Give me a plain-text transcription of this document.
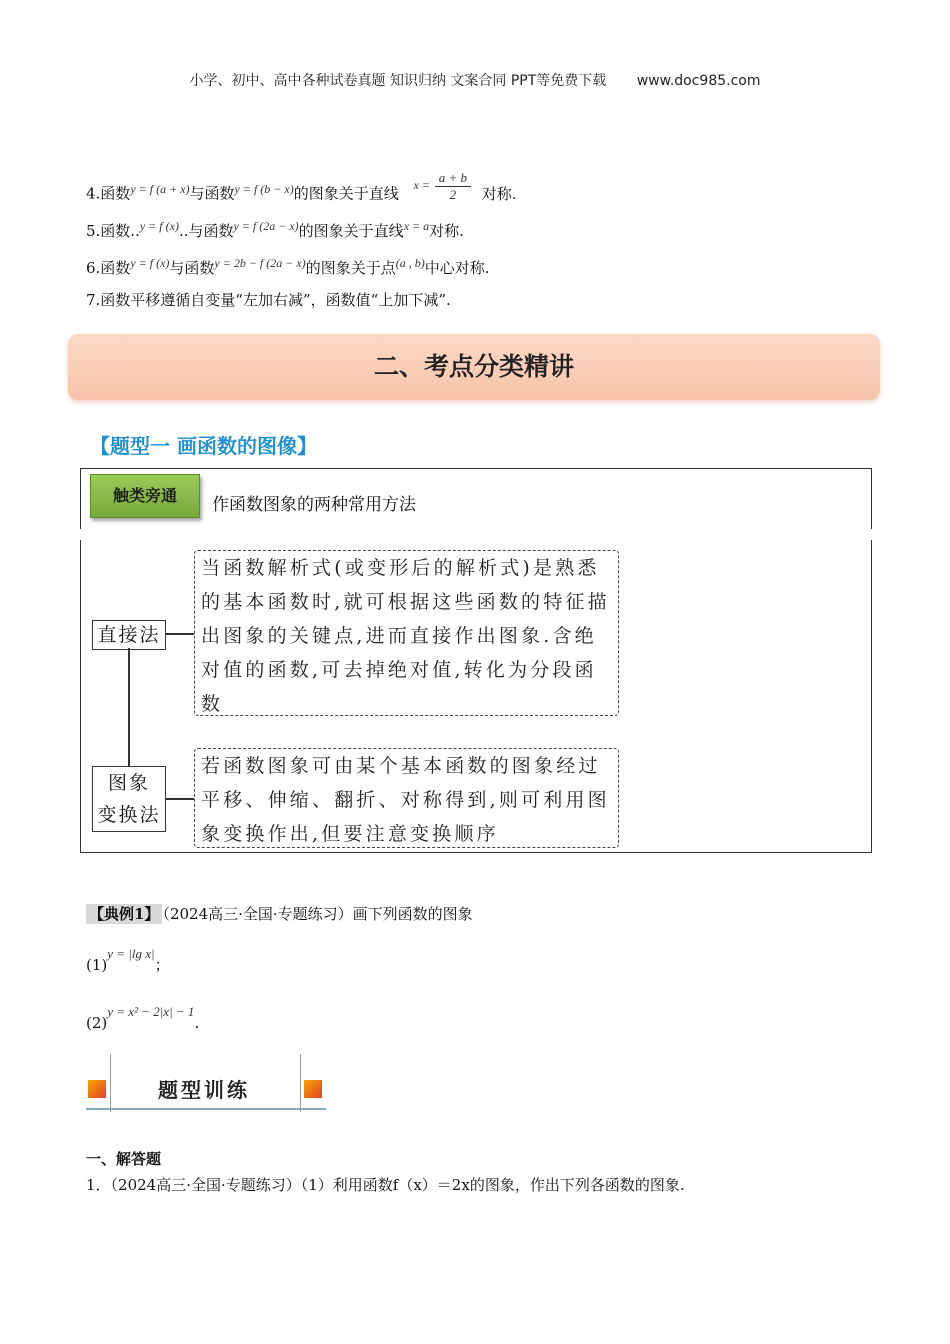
小学、初中、高中各种试卷真题 知识归纳 文案合同 PPT等免费下载 www.doc985.com
4.函数$^{y = f (a + x)}$与函数$^{y = f (b - x)}$的图象关于直线 $^{x =} \frac{a + b}{2}$ 对称.
5.函数..$^{y = f (x)}$..与函数$^{y = f (2a - x)}$的图象关于直线$^{x = a}$对称.
6.函数$^{y = f (x)}$与函数$^{y = 2b - f (2a - x)}$的图象关于点$^{(a , b)}$中心对称.
7.函数平移遵循自变量“左加右减”，函数值“上加下减”.
二、考点分类精讲
【题型一 画函数的图像】
触类旁通	作函数图象的两种常用方法
直接法
当函数解析式(或变形后的解析式)是熟悉的基本函数时,就可根据这些函数的特征描出图象的关键点,进而直接作出图象.含绝对值的函数,可去掉绝对值,转化为分段函数
图象
变换法
若函数图象可由某个基本函数的图象经过平移、伸缩、翻折、对称得到,则可利用图象变换作出,但要注意变换顺序
【典例1】 （2024高三·全国·专题练习）画下列函数的图象
(1)y = |lg x|；
(2)y = x² − 2|x| − 1.
题型训练
一、解答题
1．（2024高三·全国·专题练习）（1）利用函数f（x）＝2x的图象，作出下列各函数的图象.
